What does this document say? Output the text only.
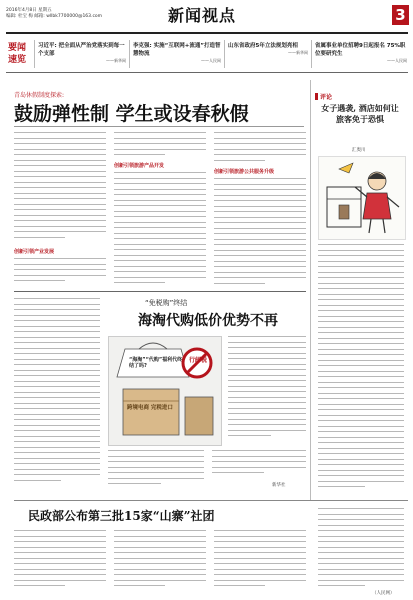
2016年4月8日 星期五
编辑: 杜宝 梅 邮箱: wllbk7700000@163.com	新闻视点	3
要闻速览
习近平: 把全面从严治党落实到每一个支部
——新华网
李克强: 实施“互联网+流通”打造智慧物流
——人民网
山东省政府5年立法规划亮相
——新华网
省属事业单位招聘9日起报名 75%职位要研究生
——人民网
青岛休假制度探索:
鼓励弹性制 学生或设春秋假
创新引领产业发展
创新引领旅游产品开发
创新引领旅游公共服务升级
评论
女子遇袭, 酒店如何让旅客免于恐惧
汇奥川
“免税购”终结
海淘代购低价优势不再
“海淘”“代购”福利代终结了吗?
行邮税
跨境电商 完税进口
新华社
民政部公布第三批15家“山寨”社团
（人民网）
